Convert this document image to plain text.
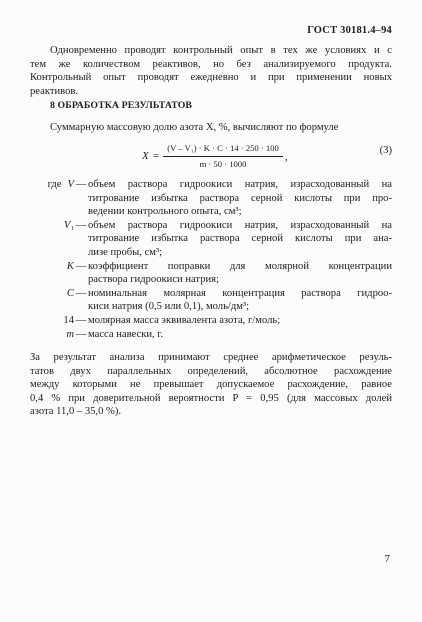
ГОСТ 30181.4–94
Одновременно проводят контрольный опыт в тех же условиях и с
тем же количеством реактивов, но без анализируемого продукта.
Контрольный опыт проводят ежедневно и при применении новых
реактивов.
8 ОБРАБОТКА РЕЗУЛЬТАТОВ
Суммарную массовую долю азота X, %, вычисляют по формуле
X =
(V – V₁) · K · C · 14 · 250 · 100
m · 50 · 1000
,
(3)
где V — объем раствора гидроокиси натрия, израсходованный на
титрование избытка раствора серной кислоты при про-
ведении контрольного опыта, см³;
V₁ — объем раствора гидроокиси натрия, израсходованный на
титрование избытка раствора серной кислоты при ана-
лизе пробы, см³;
K — коэффициент поправки для молярной концентрации
раствора гидроокиси натрия;
C — номинальная молярная концентрация раствора гидроо-
киси натрия (0,5 или 0,1), моль/дм³;
14 — молярная масса эквивалента азота, г/моль;
m — масса навески, г.
За результат анализа принимают среднее арифметическое резуль-
татов двух параллельных определений, абсолютное расхождение
между которыми не превышает допускаемое расхождение, равное
0,4 % при доверительной вероятности P = 0,95 (для массовых долей
азота 11,0 – 35,0 %).
7
